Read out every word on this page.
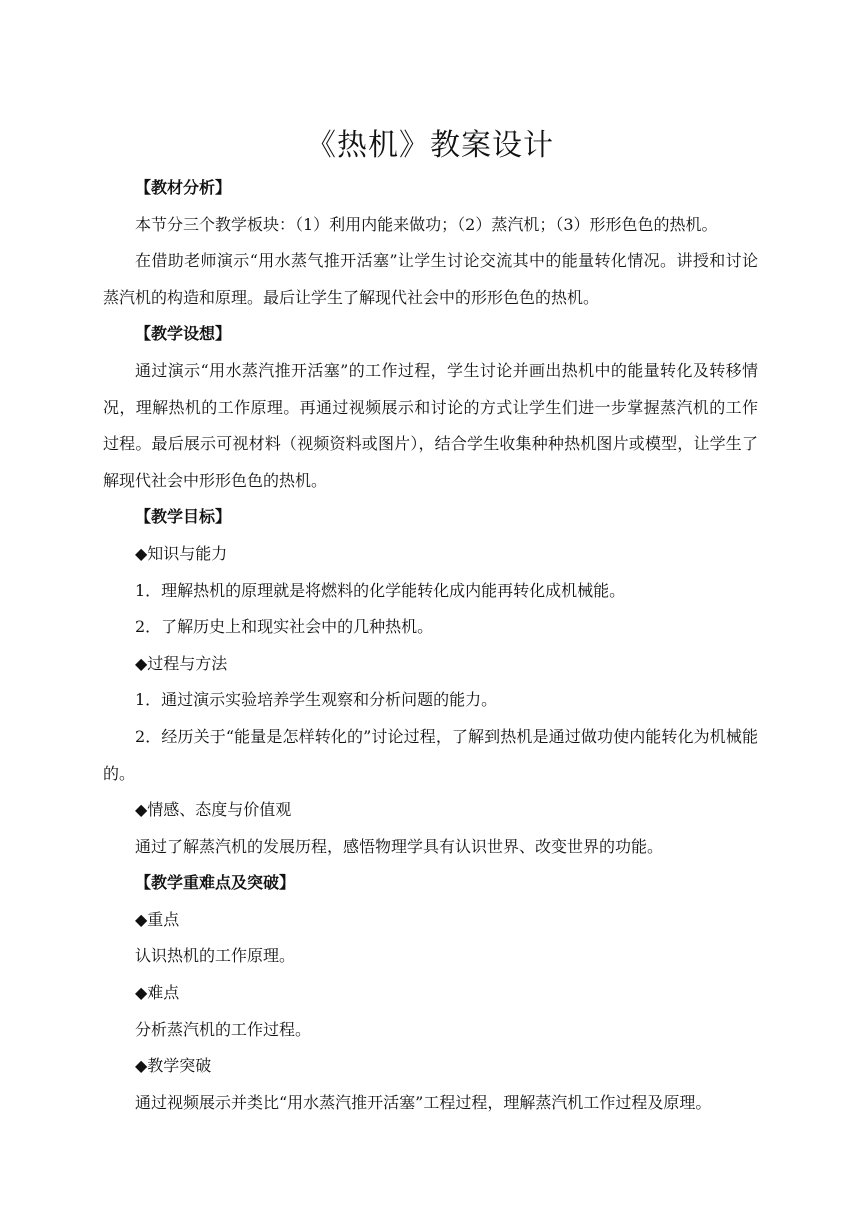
《热机》教案设计

【教材分析】

本节分三个教学板块：（1）利用内能来做功；（2）蒸汽机；（3）形形色色的热机。

在借助老师演示“用水蒸气推开活塞”让学生讨论交流其中的能量转化情况。讲授和讨论蒸汽机的构造和原理。最后让学生了解现代社会中的形形色色的热机。

【教学设想】

通过演示“用水蒸汽推开活塞”的工作过程，学生讨论并画出热机中的能量转化及转移情况，理解热机的工作原理。再通过视频展示和讨论的方式让学生们进一步掌握蒸汽机的工作过程。最后展示可视材料（视频资料或图片），结合学生收集种种热机图片或模型，让学生了解现代社会中形形色色的热机。

【教学目标】

◆知识与能力

1．理解热机的原理就是将燃料的化学能转化成内能再转化成机械能。

2．了解历史上和现实社会中的几种热机。

◆过程与方法

1．通过演示实验培养学生观察和分析问题的能力。

2．经历关于“能量是怎样转化的”讨论过程，了解到热机是通过做功使内能转化为机械能的。

◆情感、态度与价值观

通过了解蒸汽机的发展历程，感悟物理学具有认识世界、改变世界的功能。

【教学重难点及突破】

◆重点

认识热机的工作原理。

◆难点

分析蒸汽机的工作过程。

◆教学突破

通过视频展示并类比“用水蒸汽推开活塞”工程过程，理解蒸汽机工作过程及原理。
